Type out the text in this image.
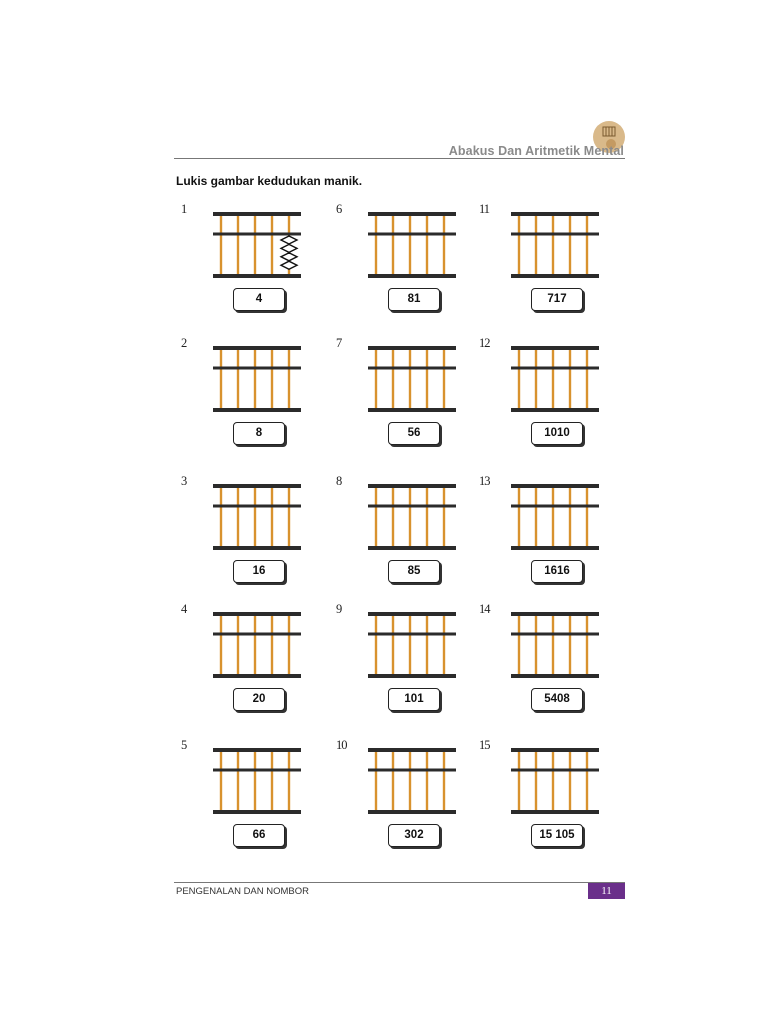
Abakus Dan Aritmetik Mental
Lukis gambar kedudukan manik.
1
4
2
8
3
16
4
20
5
66
6
81
7
56
8
85
9
101
10
302
11
717
12
1010
13
1616
14
5408
15
15 105
PENGENALAN DAN NOMBOR	11
